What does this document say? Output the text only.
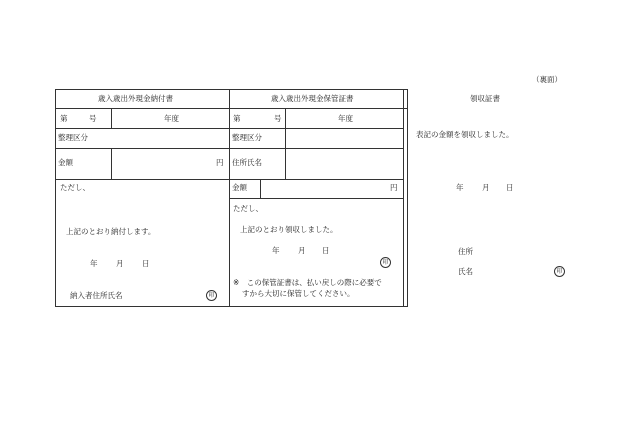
（裏面）
歳入歳出外現金納付書
第	号	年度
整理区分
金額	円
ただし、
上記のとおり納付します。
年 月 日
納入者住所氏名	印
歳入歳出外現金保管証書
第	号	年度
整理区分
住所氏名
金額	円
ただし、
上記のとおり領収しました。
年 月 日
印
※　この保管証書は、払い戻しの際に必要で
すから大切に保管してください。
領収証書
表記の金額を領収しました。
年 月 日
住所
氏名	印
